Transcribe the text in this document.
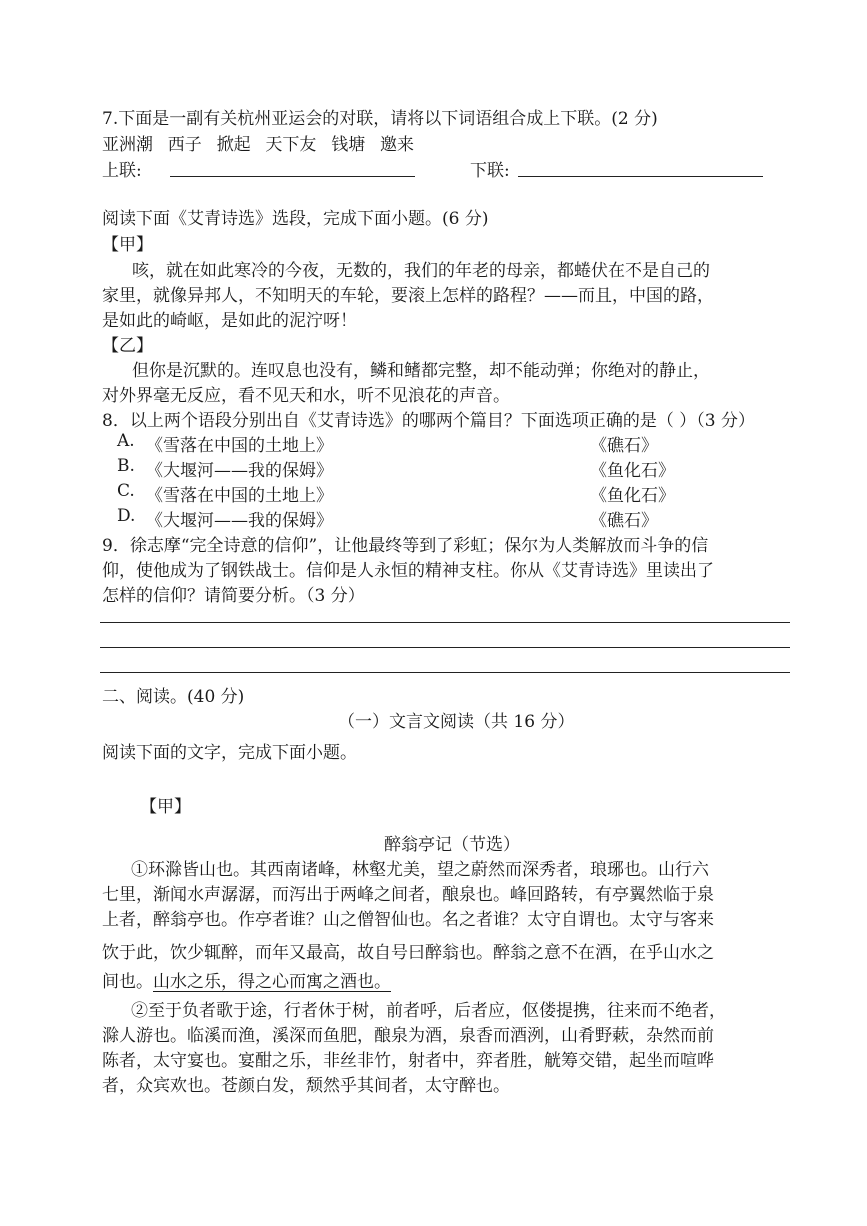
7.下面是一副有关杭州亚运会的对联，请将以下词语组合成上下联。(2 分)
亚洲潮  西子  掀起  天下友  钱塘  邀来
上联:	下联:
阅读下面《艾青诗选》选段，完成下面小题。(6 分)
【甲】
咳，就在如此寒冷的今夜，无数的，我们的年老的母亲，都蜷伏在不是自己的
家里，就像异邦人，不知明天的车轮，要滚上怎样的路程？——而且，中国的路，
是如此的崎岖，是如此的泥泞呀！
【乙】
但你是沉默的。连叹息也没有，鳞和鳍都完整，却不能动弹；你绝对的静止，
对外界毫无反应，看不见天和水，听不见浪花的声音。
8．以上两个语段分别出自《艾青诗选》的哪两个篇目？下面选项正确的是（ ）（3 分）
A. 《雪落在中国的土地上》	《礁石》
B. 《大堰河——我的保姆》	《鱼化石》
C. 《雪落在中国的土地上》	《鱼化石》
D. 《大堰河——我的保姆》	《礁石》
9．徐志摩“完全诗意的信仰”，让他最终等到了彩虹；保尔为人类解放而斗争的信
仰，使他成为了钢铁战士。信仰是人永恒的精神支柱。你从《艾青诗选》里读出了
怎样的信仰？请简要分析。（3 分）
二、阅读。(40 分)
（一）文言文阅读（共 16 分）
阅读下面的文字，完成下面小题。
【甲】
醉翁亭记（节选）
①环滁皆山也。其西南诸峰，林壑尤美，望之蔚然而深秀者，琅琊也。山行六
七里，渐闻水声潺潺，而泻出于两峰之间者，酿泉也。峰回路转，有亭翼然临于泉
上者，醉翁亭也。作亭者谁？山之僧智仙也。名之者谁？太守自谓也。太守与客来
饮于此，饮少辄醉，而年又最高，故自号曰醉翁也。醉翁之意不在酒，在乎山水之
间也。山水之乐，得之心而寓之酒也。
②至于负者歌于途，行者休于树，前者呼，后者应，伛偻提携，往来而不绝者，
滁人游也。临溪而渔，溪深而鱼肥，酿泉为酒，泉香而酒洌，山肴野蔌，杂然而前
陈者，太守宴也。宴酣之乐，非丝非竹，射者中，弈者胜，觥筹交错，起坐而喧哗
者，众宾欢也。苍颜白发，颓然乎其间者，太守醉也。
